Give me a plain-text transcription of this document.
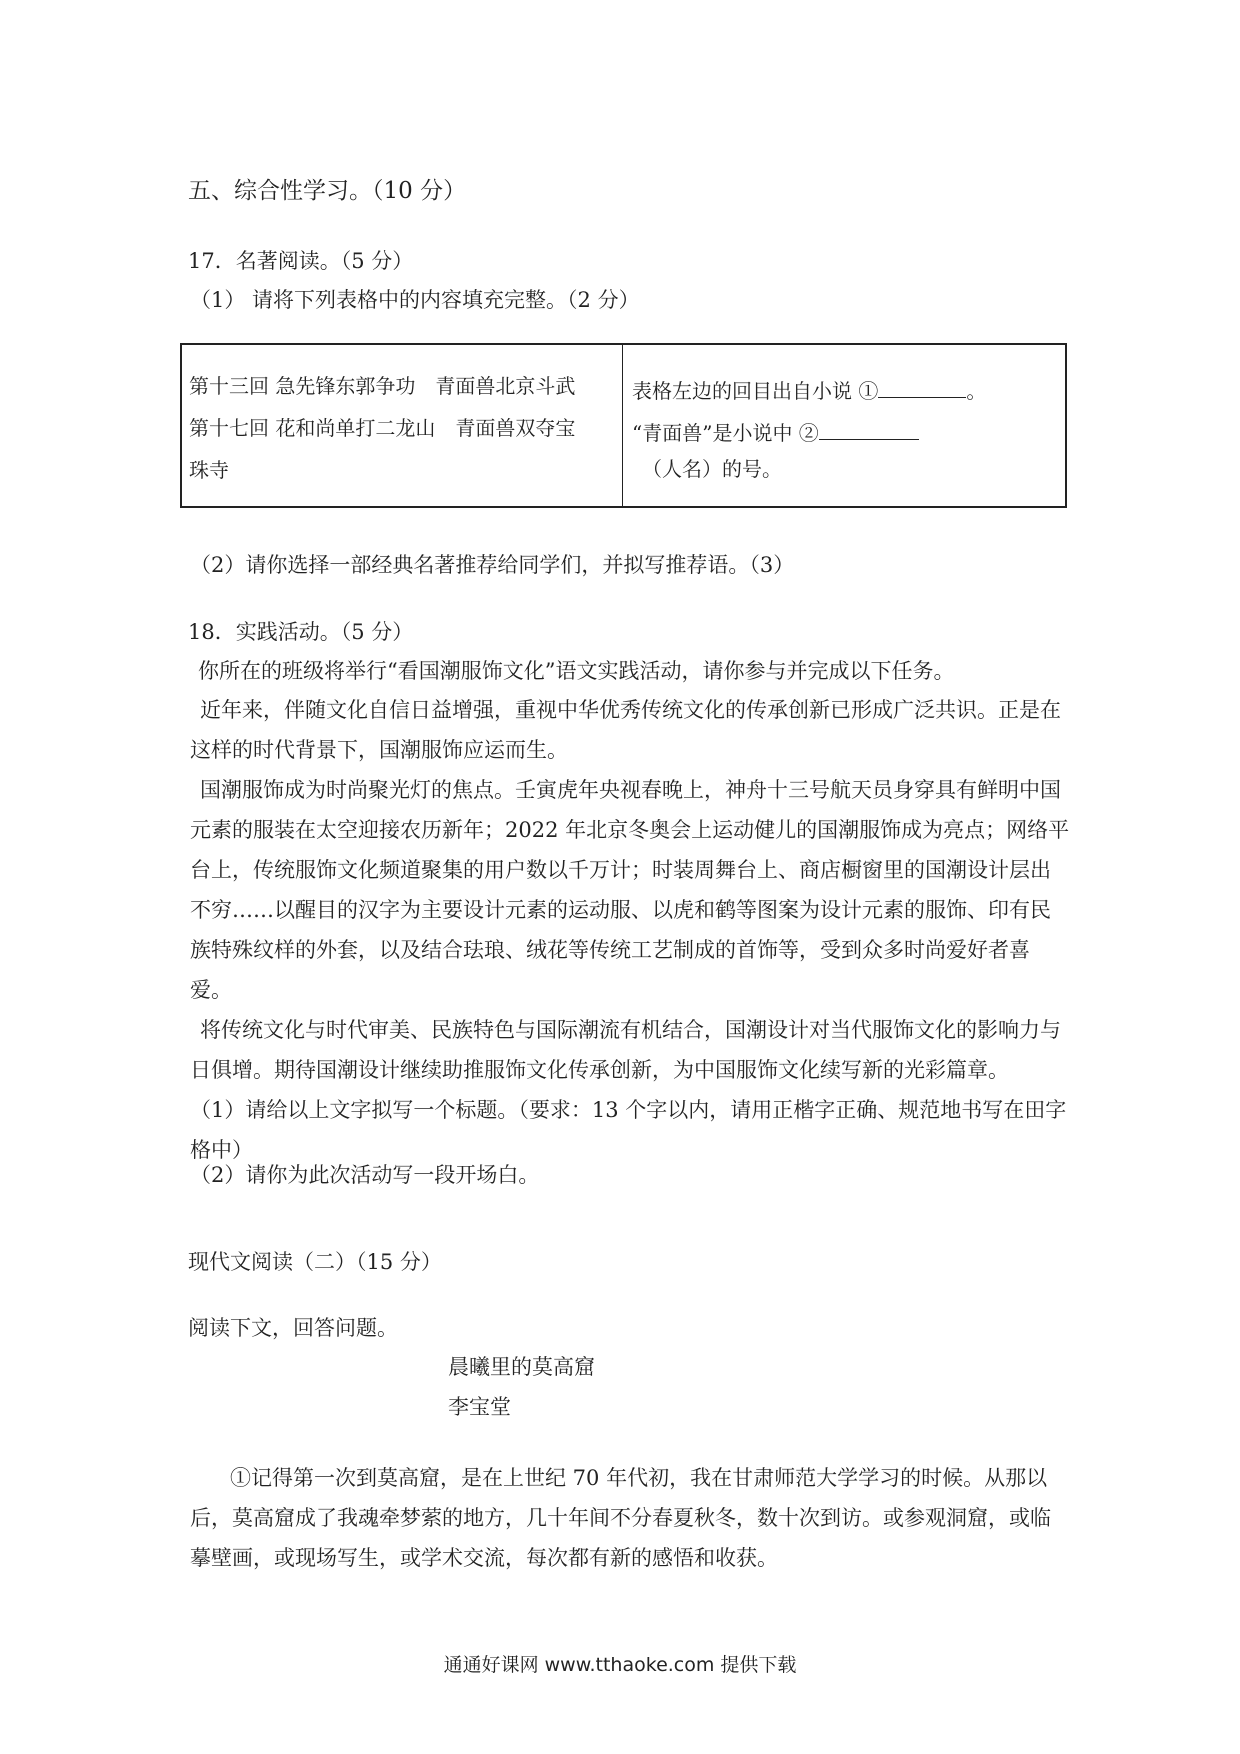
五、综合性学习。（10 分）
17．名著阅读。（5 分）
（1） 请将下列表格中的内容填充完整。（2 分）
第十三回 急先锋东郭争功　青面兽北京斗武
第十七回 花和尚单打二龙山　青面兽双夺宝
珠寺
表格左边的回目出自小说 ①	。
“青面兽”是小说中 ②
（人名）的号。
（2）请你选择一部经典名著推荐给同学们，并拟写推荐语。（3）
18．实践活动。（5 分）
你所在的班级将举行“看国潮服饰文化”语文实践活动，请你参与并完成以下任务。
近年来，伴随文化自信日益增强，重视中华优秀传统文化的传承创新已形成广泛共识。正是在这样的时代背景下，国潮服饰应运而生。
国潮服饰成为时尚聚光灯的焦点。壬寅虎年央视春晚上，神舟十三号航天员身穿具有鲜明中国元素的服装在太空迎接农历新年；2022 年北京冬奥会上运动健儿的国潮服饰成为亮点；网络平台上，传统服饰文化频道聚集的用户数以千万计；时装周舞台上、商店橱窗里的国潮设计层出不穷……以醒目的汉字为主要设计元素的运动服、以虎和鹤等图案为设计元素的服饰、印有民族特殊纹样的外套，以及结合珐琅、绒花等传统工艺制成的首饰等，受到众多时尚爱好者喜爱。
将传统文化与时代审美、民族特色与国际潮流有机结合，国潮设计对当代服饰文化的影响力与日俱增。期待国潮设计继续助推服饰文化传承创新，为中国服饰文化续写新的光彩篇章。
（1）请给以上文字拟写一个标题。（要求：13 个字以内，请用正楷字正确、规范地书写在田字格中）
（2）请你为此次活动写一段开场白。
现代文阅读（二）（15 分）
阅读下文，回答问题。
晨曦里的莫高窟
李宝堂
①记得第一次到莫高窟，是在上世纪 70 年代初，我在甘肃师范大学学习的时候。从那以后，莫高窟成了我魂牵梦萦的地方，几十年间不分春夏秋冬，数十次到访。或参观洞窟，或临摹壁画，或现场写生，或学术交流，每次都有新的感悟和收获。
通通好课网 www.tthaoke.com 提供下载
